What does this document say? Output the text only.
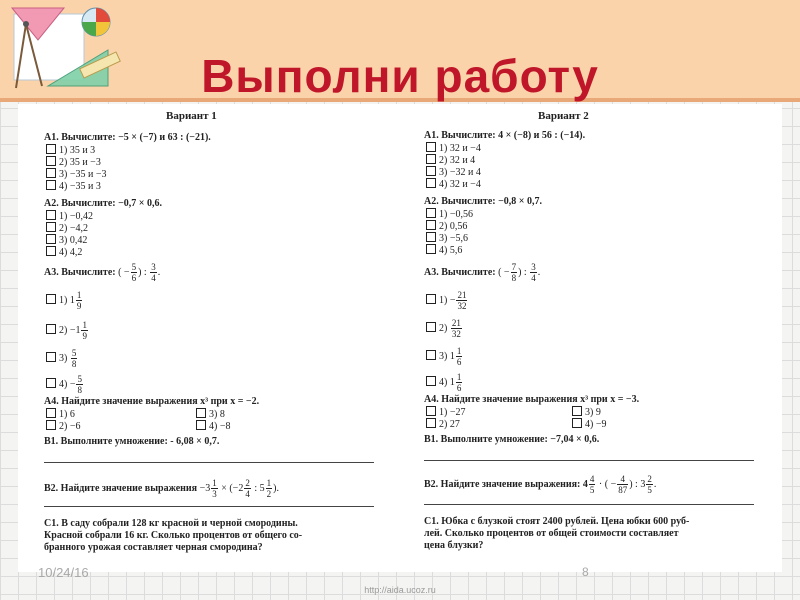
Выполни работу
Вариант 1
А1. Вычислите: −5 × (−7) и 63 : (−21).
1) 35 и 3
2) 35 и −3
3) −35 и −3
4) −35 и 3
А2. Вычислите: −0,7 × 0,6.
1) −0,42
2) −4,2
3) 0,42
4) 4,2
А3. Вычислите: ( − $\frac{5}{6}$ ) : $\frac{3}{4}$ .
1) $1 \frac{1}{9}$
$2) -1 \frac{1}{9}$
$3) \frac{5}{8}$
$4) - \frac{5}{8}$
А4. Найдите значение выражения x³ при x = −2.
1) 6
2) −6
3) 8
4) −8
В1. Выполните умножение: - 6,08 × 0,7.
В2. Найдите значение выражения $-3 \frac{1}{3} \times (-2 \frac{2}{4}$ : $5 \frac{1}{2}$ ).
С1. В саду собрали 128 кг красной и черной смородины.
Красной собрали 16 кг. Сколько процентов от общего со-
бранного урожая составляет черная смородина?
Вариант 2
А1. Вычислите: 4 × (−8) и 56 : (−14).
1) 32 и −4
2) 32 и 4
3) −32 и 4
4) 32 и −4
А2. Вычислите: −0,8 × 0,7.
1) −0,56
2) 0,56
3) −5,6
4) 5,6
А3. Вычислите: ( − $\frac{7}{8}$ ) : $\frac{3}{4}$ .
$1) - \frac{21}{32}$
$2) \frac{21}{32}$
3) $1 \frac{1}{6}$
4) $1 \frac{1}{6}$
А4. Найдите значение выражения x³ при x = −3.
1) −27
2) 27
3) 9
4) −9
В1. Выполните умножение: −7,04 × 0,6.
В2. Найдите значение выражения: $4 \frac{4}{5}$ · ( − $\frac{4}{87}$ ) : $3 \frac{2}{5}$ .
С1. Юбка с блузкой стоят 2400 рублей. Цена юбки 600 руб-
лей. Сколько процентов от общей стоимости составляет
цена блузки?
10/24/16	8
http://aida.ucoz.ru
